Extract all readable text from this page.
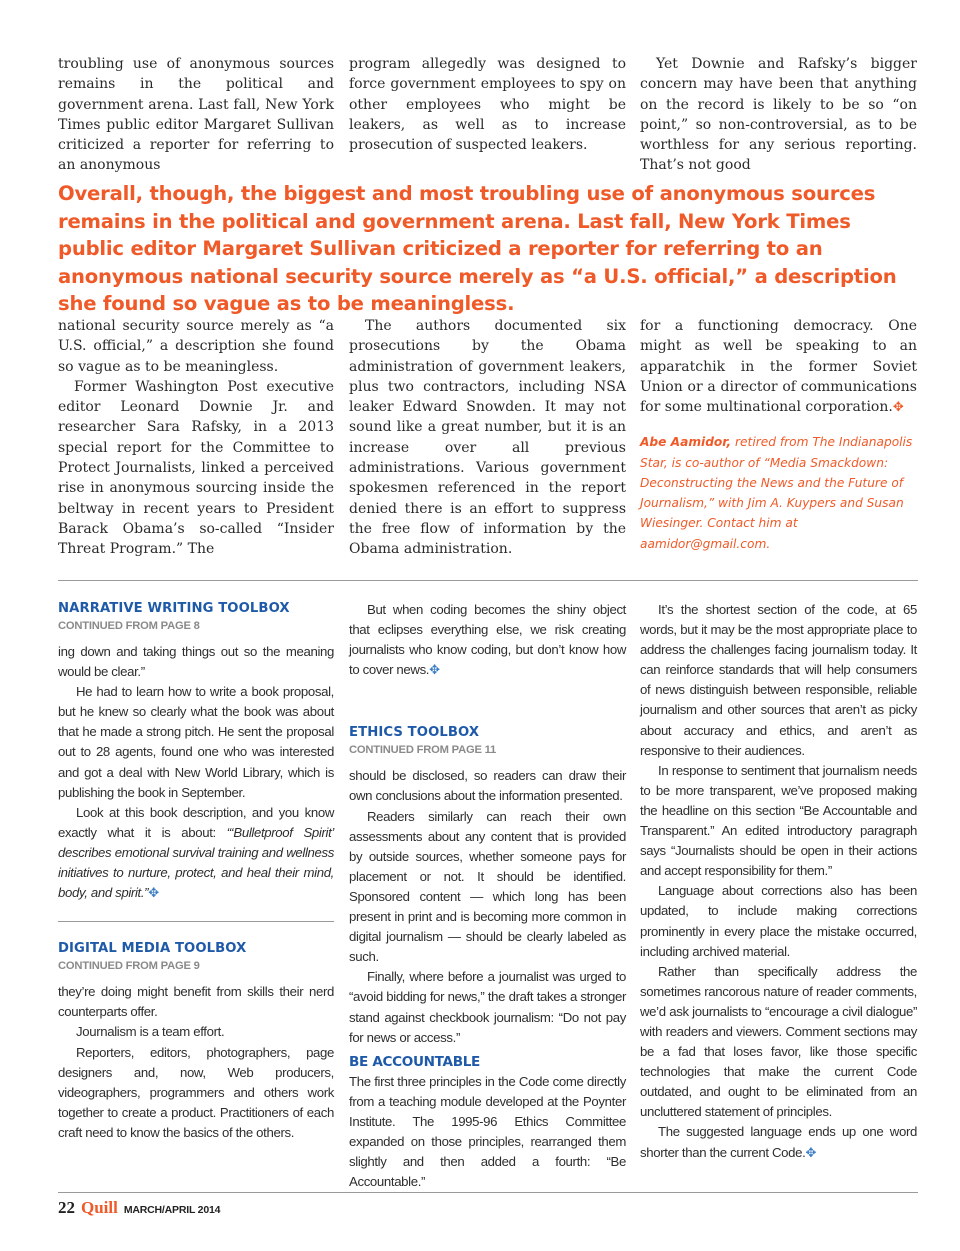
troubling use of anonymous sources remains in the political and government arena. Last fall, New York Times public editor Margaret Sullivan criticized a reporter for referring to an anonymous

program allegedly was designed to force government employees to spy on other employees who might be leakers, as well as to increase prosecution of suspected leakers.

Yet Downie and Rafsky’s bigger concern may have been that anything on the record is likely to be so “on point,” so non-controversial, as to be worthless for any serious reporting. That’s not good

Overall, though, the biggest and most troubling use of anonymous sources remains in the political and government arena. Last fall, New York Times public editor Margaret Sullivan criticized a reporter for referring to an anonymous national security source merely as “a U.S. official,” a description she found so vague as to be meaningless.

national security source merely as “a U.S. official,” a description she found so vague as to be meaningless.

Former Washington Post executive editor Leonard Downie Jr. and researcher Sara Rafsky, in a 2013 special report for the Committee to Protect Journalists, linked a perceived rise in anonymous sourcing inside the beltway in recent years to President Barack Obama’s so-called “Insider Threat Program.” The

The authors documented six prosecutions by the Obama administration of government leakers, plus two contractors, including NSA leaker Edward Snowden. It may not sound like a great number, but it is an increase over all previous administrations. Various government spokesmen referenced in the report denied there is an effort to suppress the free flow of information by the Obama administration.

for a functioning democracy. One might as well be speaking to an apparatchik in the former Soviet Union or a director of communications for some multinational corporation.✥

Abe Aamidor, retired from The Indianapolis Star, is co-author of “Media Smackdown: Deconstructing the News and the Future of Journalism,” with Jim A. Kuypers and Susan Wiesinger. Contact him at aamidor@gmail.com.

NARRATIVE WRITING TOOLBOX
CONTINUED FROM PAGE 8

ing down and taking things out so the meaning would be clear.”

He had to learn how to write a book proposal, but he knew so clearly what the book was about that he made a strong pitch. He sent the proposal out to 28 agents, found one who was interested and got a deal with New World Library, which is publishing the book in September.

Look at this book description, and you know exactly what it is about: “‘Bulletproof Spirit’ describes emotional survival training and wellness initiatives to nurture, protect, and heal their mind, body, and spirit.”✥

DIGITAL MEDIA TOOLBOX
CONTINUED FROM PAGE 9

they’re doing might benefit from skills their nerd counterparts offer.

Journalism is a team effort.

Reporters, editors, photographers, page designers and, now, Web producers, videographers, programmers and others work together to create a product. Practitioners of each craft need to know the basics of the others.

But when coding becomes the shiny object that eclipses everything else, we risk creating journalists who know coding, but don’t know how to cover news.✥

ETHICS TOOLBOX
CONTINUED FROM PAGE 11

should be disclosed, so readers can draw their own conclusions about the information presented.

Readers similarly can reach their own assessments about any content that is provided by outside sources, whether someone pays for placement or not. It should be identified. Sponsored content — which long has been present in print and is becoming more common in digital journalism — should be clearly labeled as such.

Finally, where before a journalist was urged to “avoid bidding for news,” the draft takes a stronger stand against checkbook journalism: “Do not pay for news or access.”

BE ACCOUNTABLE

The first three principles in the Code come directly from a teaching module developed at the Poynter Institute. The 1995-96 Ethics Committee expanded on those principles, rearranged them slightly and then added a fourth: “Be Accountable.”

It’s the shortest section of the code, at 65 words, but it may be the most appropriate place to address the challenges facing journalism today. It can reinforce standards that will help consumers of news distinguish between responsible, reliable journalism and other sources that aren’t as picky about accuracy and ethics, and aren’t as responsive to their audiences.

In response to sentiment that journalism needs to be more transparent, we’ve proposed making the headline on this section “Be Accountable and Transparent.” An edited introductory paragraph says “Journalists should be open in their actions and accept responsibility for them.”

Language about corrections also has been updated, to include making corrections prominently in every place the mistake occurred, including archived material.

Rather than specifically address the sometimes rancorous nature of reader comments, we’d ask journalists to “encourage a civil dialogue” with readers and viewers. Comment sections may be a fad that loses favor, like those specific technologies that make the current Code outdated, and ought to be eliminated from an uncluttered statement of principles.

The suggested language ends up one word shorter than the current Code.✥

22 Quill MARCH/APRIL 2014
